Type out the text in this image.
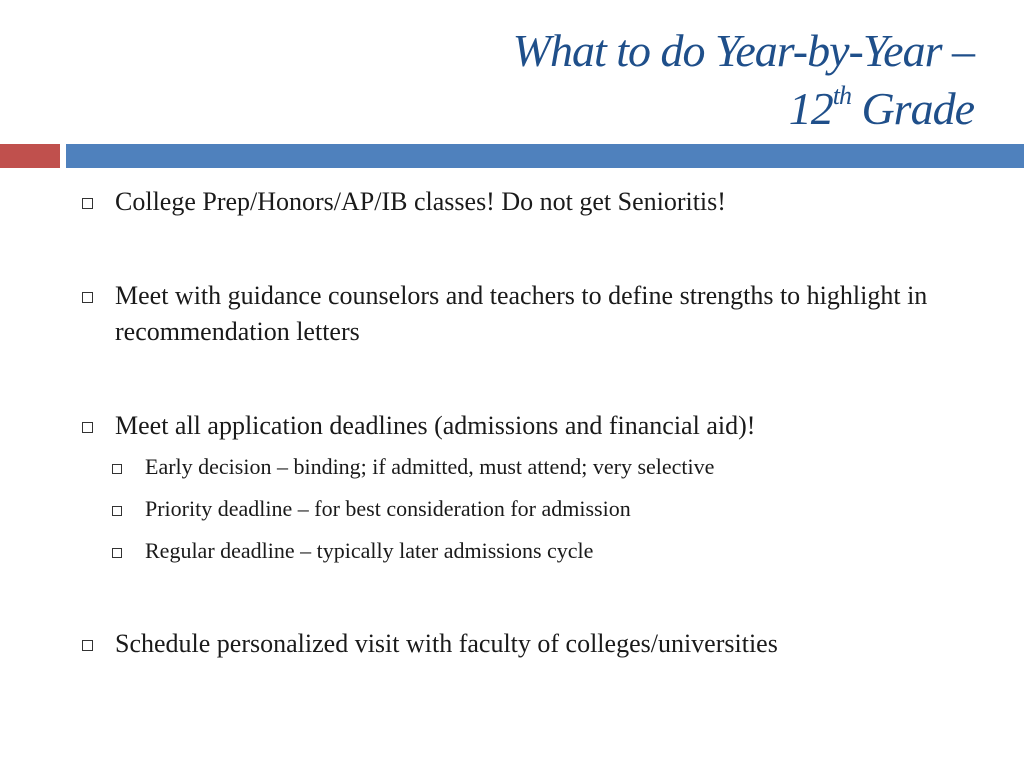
What to do Year-by-Year –
12th Grade
College Prep/Honors/AP/IB classes! Do not get Senioritis!
Meet with guidance counselors and teachers to define strengths to highlight in recommendation letters
Meet all application deadlines (admissions and financial aid)!
Early decision – binding; if admitted, must attend; very selective
Priority deadline – for best consideration for admission
Regular deadline – typically later admissions cycle
Schedule personalized visit with faculty of colleges/universities
